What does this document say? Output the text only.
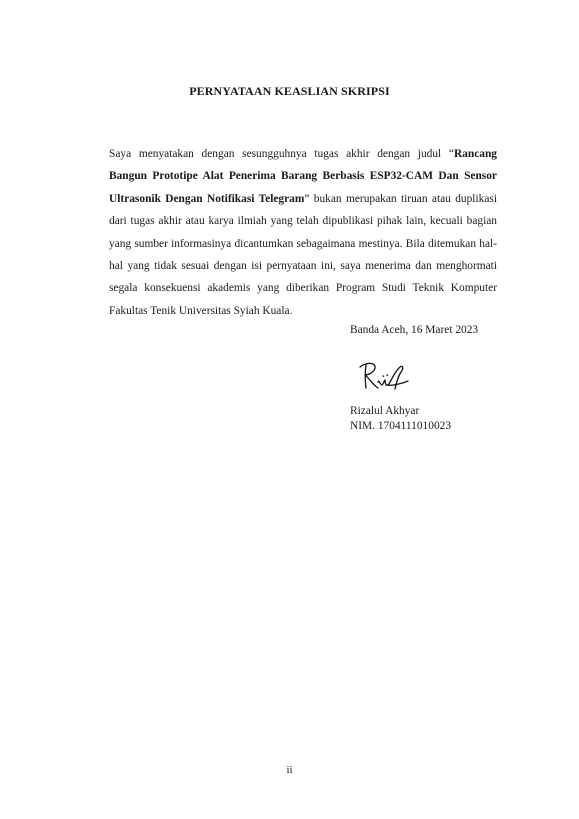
PERNYATAAN KEASLIAN SKRIPSI

Saya menyatakan dengan sesungguhnya tugas akhir dengan judul “Rancang Bangun Prototipe Alat Penerima Barang Berbasis ESP32-CAM Dan Sensor Ultrasonik Dengan Notifikasi Telegram” bukan merupakan tiruan atau duplikasi dari tugas akhir atau karya ilmiah yang telah dipublikasi pihak lain, kecuali bagian yang sumber informasinya dicantumkan sebagaimana mestinya. Bila ditemukan hal-hal yang tidak sesuai dengan isi pernyataan ini, saya menerima dan menghormati segala konsekuensi akademis yang diberikan Program Studi Teknik Komputer Fakultas Tenik Universitas Syiah Kuala.

Banda Aceh, 16 Maret 2023
Rizalul Akhyar
NIM. 1704111010023
ii
